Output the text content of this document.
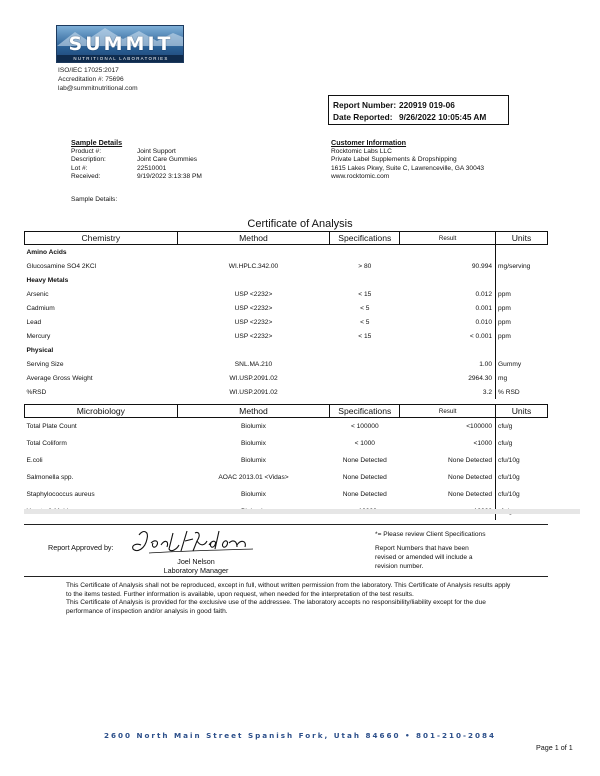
SUMMIT
NUTRITIONAL LABORATORIES
ISO/IEC 17025:2017
Accreditation #: 75696
lab@summitnutritional.com
Report Number: 220919 019-06
Date Reported: 9/26/2022 10:05:45 AM
Sample Details
Product #:	Joint Support
Description:	Joint Care Gummies
Lot #:	22510001
Received:	9/19/2022 3:13:38 PM
Sample Details:
Customer Information
Rocktomic Labs LLC
Private Label Supplements & Dropshipping
1615 Lakes Pkwy, Suite C, Lawrenceville, GA 30043
www.rocktomic.com
Certificate of Analysis
Chemistry	Method	Specifications	Result	Units
Amino Acids				
Glucosamine SO4 2KCl	WI.HPLC.342.00	> 80	90.994	mg/serving
Heavy Metals				
Arsenic	USP <2232>	< 15	0.012	ppm
Cadmium	USP <2232>	< 5	0.001	ppm
Lead	USP <2232>	< 5	0.010	ppm
Mercury	USP <2232>	< 15	< 0.001	ppm
Physical				
Serving Size	SNL.MA.210		1.00	Gummy
Average Gross Weight	WI.USP.2091.02		2964.30	mg
%RSD	WI.USP.2091.02		3.2	% RSD
Microbiology	Method	Specifications	Result	Units
Total Plate Count	Biolumix	< 100000	<100000	cfu/g
Total Coliform	Biolumix	< 1000	<1000	cfu/g
E.coli	Biolumix	None Detected	None Detected	cfu/10g
Salmonella spp.	AOAC 2013.01 <Vidas>	None Detected	None Detected	cfu/10g
Staphylococcus aureus	Biolumix	None Detected	None Detected	cfu/10g

Report Approved by:
Joel Nelson
Laboratory Manager
*= Please review Client Specifications
Report Numbers that have been
revised or amended will include a
revision number.
This Certificate of Analysis shall not be reproduced, except in full, without written permission from the laboratory. This Certificate of Analysis results apply
to the items tested. Further information is available, upon request, when needed for the interpretation of the test results.
This Certificate of Analysis is provided for the exclusive use of the addressee. The laboratory accepts no responsibility/liability except for the due
performance of inspection and/or analysis in good faith.
2600 North Main Street Spanish Fork, Utah 84660 • 801-210-2084
Page 1 of 1
